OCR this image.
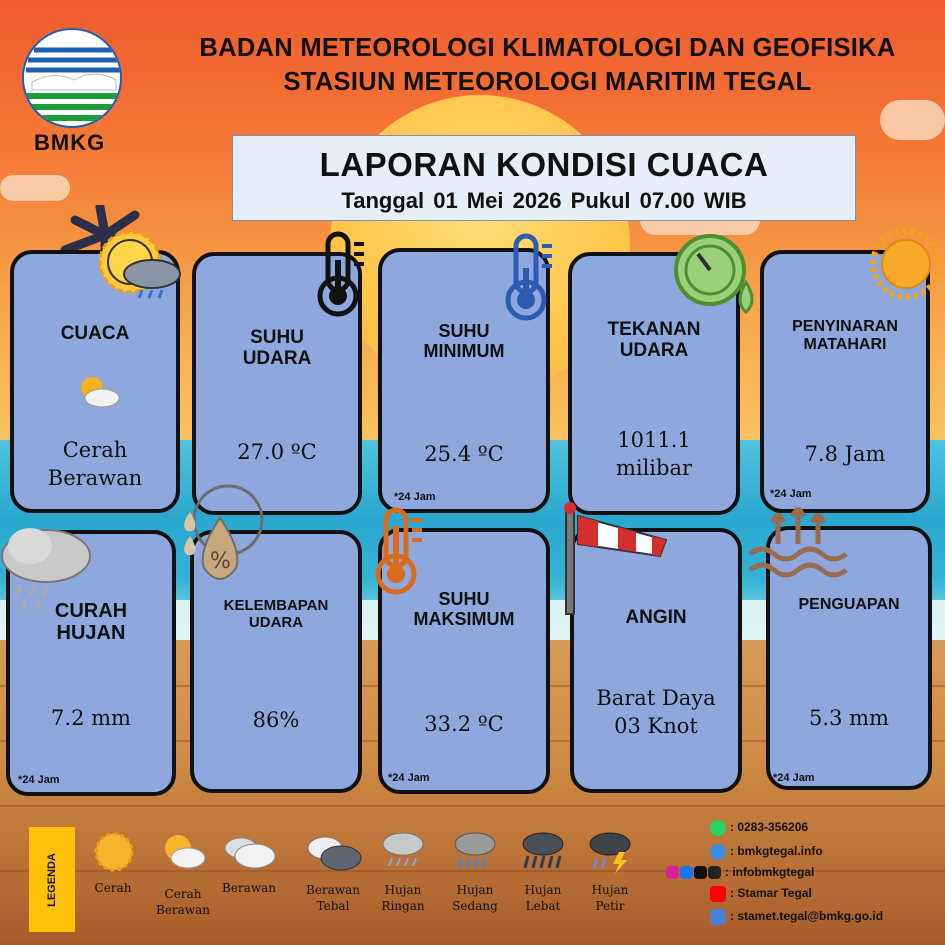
BMKG
BADAN METEOROLOGI KLIMATOLOGI DAN GEOFISIKA
STASIUN METEOROLOGI MARITIM TEGAL
LAPORAN KONDISI CUACA
Tanggal 01 Mei 2026 Pukul 07.00 WIB
CUACA
Cerah Berawan
SUHU UDARA
27.0 ºC
SUHU MINIMUM
25.4 ºC
*24 Jam
TEKANAN UDARA
1011.1
milibar
PENYINARAN MATAHARI
7.8 Jam
*24 Jam
CURAH HUJAN
7.2 mm
*24 Jam
KELEMBAPAN UDARA
86%
SUHU MAKSIMUM
33.2 ºC
*24 Jam
ANGIN
Barat Daya
03 Knot
PENGUAPAN
5.3 mm
*24 Jam
%
LEGENDA	Cerah	Cerah
Berawan
Berawan	Berawan
Tebal
Hujan
Ringan
Hujan
Sedang
Hujan
Lebat
Hujan
Petir
: 0283-356206
: bmkgtegal.info
: infobmkgtegal
: Stamar Tegal
: stamet.tegal@bmkg.go.id
